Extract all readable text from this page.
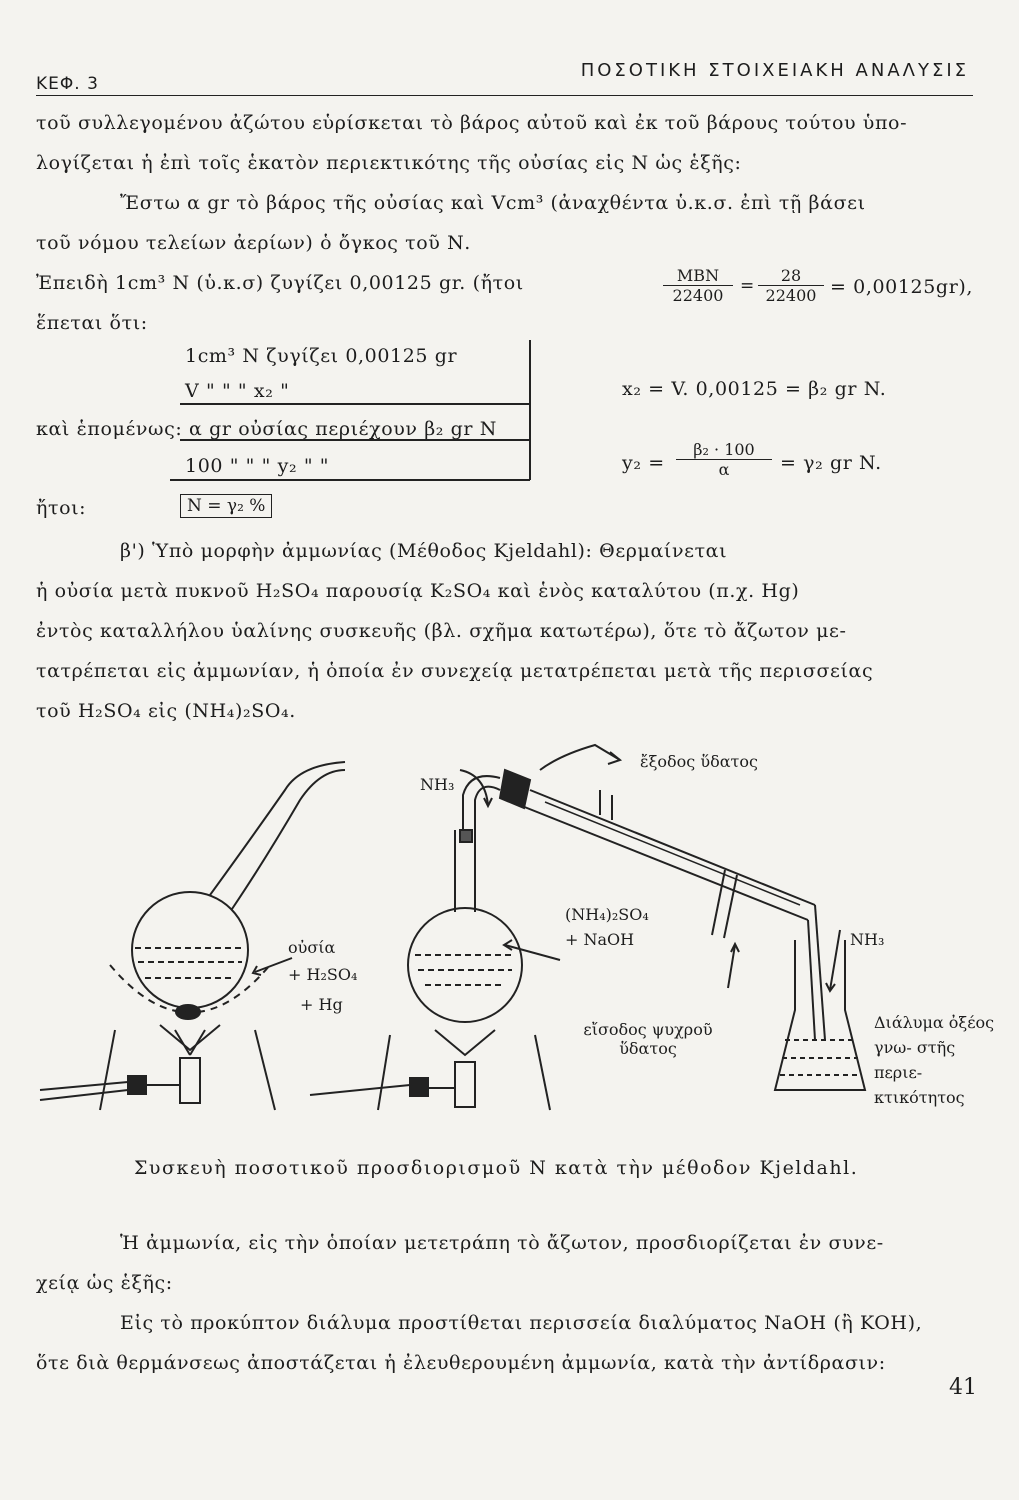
ΚΕΦ. 3
ΠΟΣΟΤΙΚΗ ΣΤΟΙΧΕΙΑΚΗ ΑΝΑΛΥΣΙΣ
τοῦ συλλεγομένου ἀζώτου εὑρίσκεται τὸ βάρος αὐτοῦ καὶ ἐκ τοῦ βάρους τούτου ὑπο-
λογίζεται ἡ ἐπὶ τοῖς ἑκατὸν περιεκτικότης τῆς οὐσίας εἰς Ν ὡς ἑξῆς:
Ἔστω α gr τὸ βάρος τῆς οὐσίας καὶ Vcm³ (ἀναχθέντα ὑ.κ.σ. ἐπὶ τῇ βάσει
τοῦ νόμου τελείων ἀερίων) ὁ ὄγκος τοῦ Ν.
Ἐπειδὴ 1cm³ Ν (ὑ.κ.σ) ζυγίζει 0,00125 gr. (ἤτοι	ΜΒΝ
$22400 = \frac{28}{22400} = 0,00125gr$),
ἕπεται ὅτι:
1cm³ Ν ζυγίζει 0,00125 gr
V " " " x₂ "
καὶ ἑπομένως: α gr οὐσίας περιέχουν β₂ gr Ν
100 " " " y₂ " "
x₂ = V. 0,00125 = β₂ gr N.
$y_2 = \frac{\text{β₂ · 100}}{\alpha} = \gamma_2$ gr N.
ἤτοι:	N = γ₂ %
β') Ὑπὸ μορφὴν ἀμμωνίας (Μέθοδος Kjeldahl): Θερμαίνεται
ἡ οὐσία μετὰ πυκνοῦ H₂SO₄ παρουσίᾳ K₂SO₄ καὶ ἑνὸς καταλύτου (π.χ. Hg)
ἐντὸς καταλλήλου ὑαλίνης συσκευῆς (βλ. σχῆμα κατωτέρω), ὅτε τὸ ἄζωτον με-
τατρέπεται εἰς ἀμμωνίαν, ἡ ὁποία ἐν συνεχείᾳ μετατρέπεται μετὰ τῆς περισσείας
τοῦ H₂SO₄ εἰς (NH₄)₂SO₄.
ἔξοδος ὕδατος
NH₃
οὐσία
+ H₂SO₄
+ Hg
(NH₄)₂SO₄
+ NaOH	NH₃
εἴσοδος ψυχροῦ ὕδατος
Διάλυμα ὀξέος γνω- στῆς περιε- κτικότητος
Συσκευὴ ποσοτικοῦ προσδιορισμοῦ Ν κατὰ τὴν μέθοδον Kjeldahl.
Ἡ ἀμμωνία, εἰς τὴν ὁποίαν μετετράπη τὸ ἄζωτον, προσδιορίζεται ἐν συνε-
χείᾳ ὡς ἑξῆς:
Εἰς τὸ προκύπτον διάλυμα προστίθεται περισσεία διαλύματος NaOH (ἢ KOH),
ὅτε διὰ θερμάνσεως ἀποστάζεται ἡ ἐλευθερουμένη ἀμμωνία, κατὰ τὴν ἀντίδρασιν:
41
